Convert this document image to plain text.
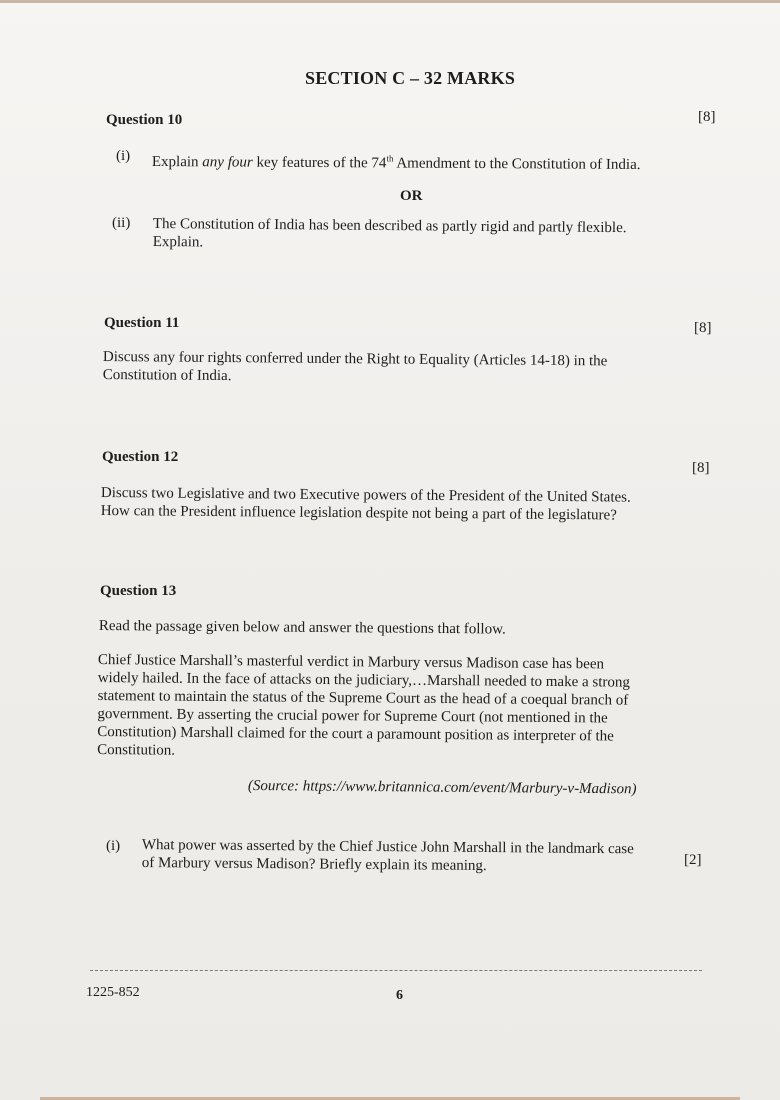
SECTION C – 32 MARKS
Question 10	[8]
(i) Explain any four key features of the 74th Amendment to the Constitution of India.
OR
(ii) The Constitution of India has been described as partly rigid and partly flexible.
Explain.
Question 11	[8]
Discuss any four rights conferred under the Right to Equality (Articles 14-18) in the
Constitution of India.
Question 12
[8]
Discuss two Legislative and two Executive powers of the President of the United States.
How can the President influence legislation despite not being a part of the legislature?
Question 13
Read the passage given below and answer the questions that follow.
Chief Justice Marshall’s masterful verdict in Marbury versus Madison case has been
widely hailed. In the face of attacks on the judiciary,…Marshall needed to make a strong
statement to maintain the status of the Supreme Court as the head of a coequal branch of
government. By asserting the crucial power for Supreme Court (not mentioned in the
Constitution) Marshall claimed for the court a paramount position as interpreter of the
Constitution.
(Source: https://www.britannica.com/event/Marbury-v-Madison)
(i) What power was asserted by the Chief Justice John Marshall in the landmark case
of Marbury versus Madison? Briefly explain its meaning.	[2]
1225-852	6
